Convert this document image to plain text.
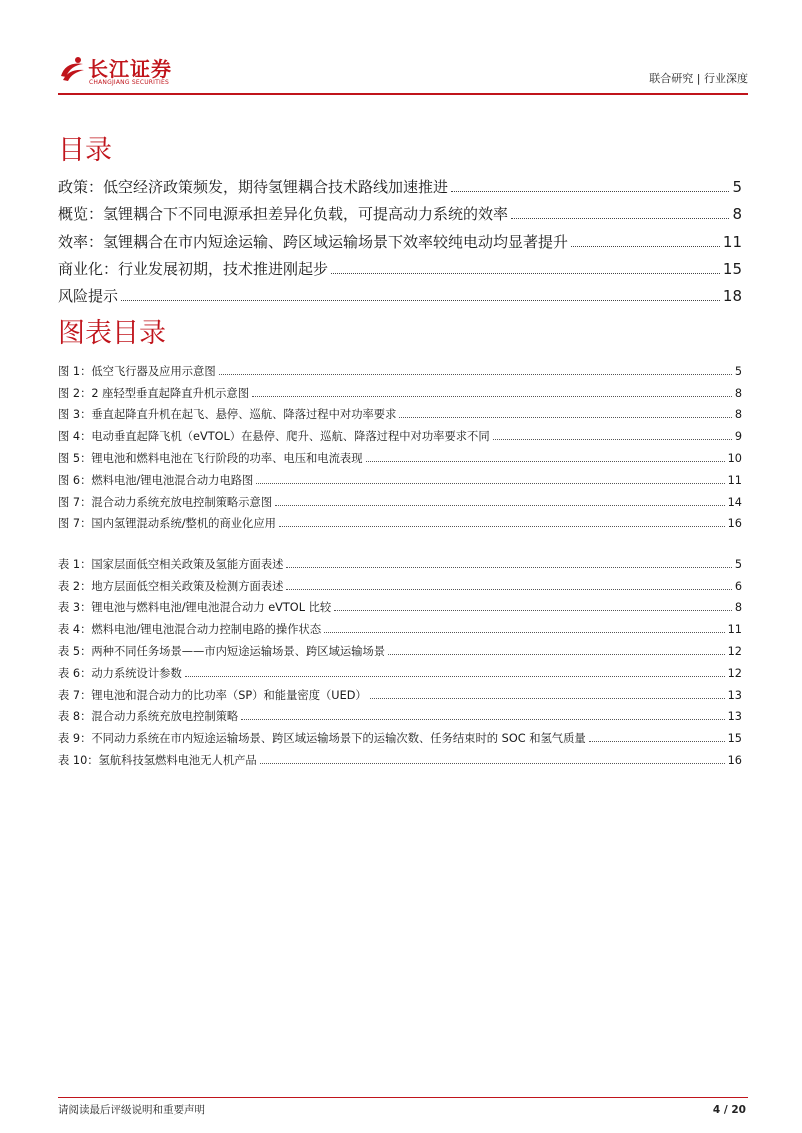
长江证券
CHANGJIANG SECURITIES	联合研究 | 行业深度
目录
政策：低空经济政策频发，期待氢锂耦合技术路线加速推进	5
概览：氢锂耦合下不同电源承担差异化负载，可提高动力系统的效率	8
效率：氢锂耦合在市内短途运输、跨区域运输场景下效率较纯电动均显著提升	11
商业化：行业发展初期，技术推进刚起步	15
风险提示	18
图表目录
图 1：低空飞行器及应用示意图	5
图 2：2 座轻型垂直起降直升机示意图	8
图 3：垂直起降直升机在起飞、悬停、巡航、降落过程中对功率要求	8
图 4：电动垂直起降飞机（eVTOL）在悬停、爬升、巡航、降落过程中对功率要求不同	9
图 5：锂电池和燃料电池在飞行阶段的功率、电压和电流表现	10
图 6：燃料电池/锂电池混合动力电路图	11
图 7：混合动力系统充放电控制策略示意图	14
图 7：国内氢锂混动系统/整机的商业化应用	16
表 1：国家层面低空相关政策及氢能方面表述	5
表 2：地方层面低空相关政策及检测方面表述	6
表 3：锂电池与燃料电池/锂电池混合动力 eVTOL 比较	8
表 4：燃料电池/锂电池混合动力控制电路的操作状态	11
表 5：两种不同任务场景——市内短途运输场景、跨区域运输场景	12
表 6：动力系统设计参数	12
表 7：锂电池和混合动力的比功率（SP）和能量密度（UED）	13
表 8：混合动力系统充放电控制策略	13
表 9：不同动力系统在市内短途运输场景、跨区域运输场景下的运输次数、任务结束时的 SOC 和氢气质量	15
表 10：氢航科技氢燃料电池无人机产品	16
请阅读最后评级说明和重要声明	4 / 20
